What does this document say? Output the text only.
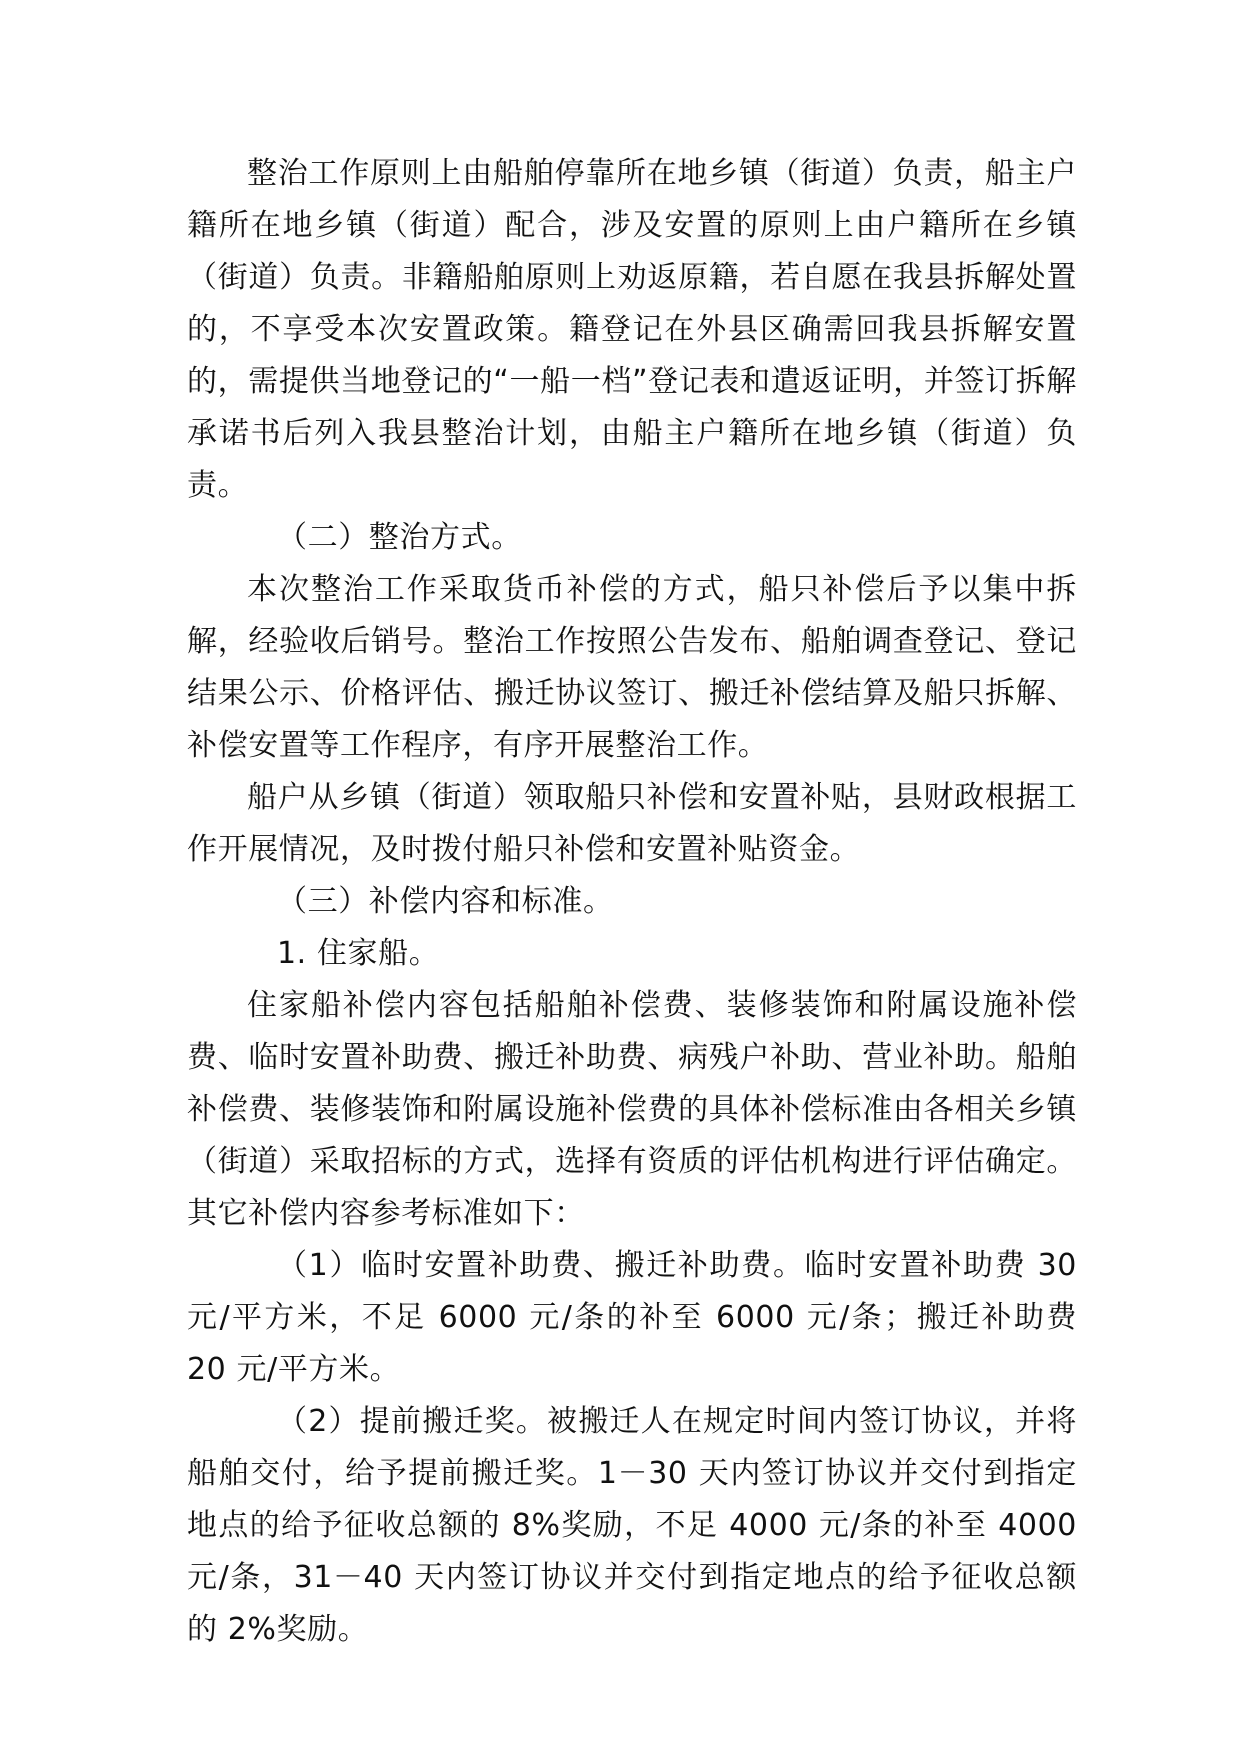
整治工作原则上由船舶停靠所在地乡镇（街道）负责，船主户籍所在地乡镇（街道）配合，涉及安置的原则上由户籍所在乡镇（街道）负责。非籍船舶原则上劝返原籍，若自愿在我县拆解处置的，不享受本次安置政策。籍登记在外县区确需回我县拆解安置的，需提供当地登记的“一船一档”登记表和遣返证明，并签订拆解承诺书后列入我县整治计划，由船主户籍所在地乡镇（街道）负责。

（二）整治方式。

本次整治工作采取货币补偿的方式，船只补偿后予以集中拆解，经验收后销号。整治工作按照公告发布、船舶调查登记、登记结果公示、价格评估、搬迁协议签订、搬迁补偿结算及船只拆解、补偿安置等工作程序，有序开展整治工作。

船户从乡镇（街道）领取船只补偿和安置补贴，县财政根据工作开展情况，及时拨付船只补偿和安置补贴资金。

（三）补偿内容和标准。

1. 住家船。

住家船补偿内容包括船舶补偿费、装修装饰和附属设施补偿费、临时安置补助费、搬迁补助费、病残户补助、营业补助。船舶补偿费、装修装饰和附属设施补偿费的具体补偿标准由各相关乡镇（街道）采取招标的方式，选择有资质的评估机构进行评估确定。其它补偿内容参考标准如下：

（1）临时安置补助费、搬迁补助费。临时安置补助费 30 元/平方米，不足 6000 元/条的补至 6000 元/条；搬迁补助费 20 元/平方米。

（2）提前搬迁奖。被搬迁人在规定时间内签订协议，并将船舶交付，给予提前搬迁奖。1－30 天内签订协议并交付到指定地点的给予征收总额的 8%奖励，不足 4000 元/条的补至 4000 元/条，31－40 天内签订协议并交付到指定地点的给予征收总额的 2%奖励。
